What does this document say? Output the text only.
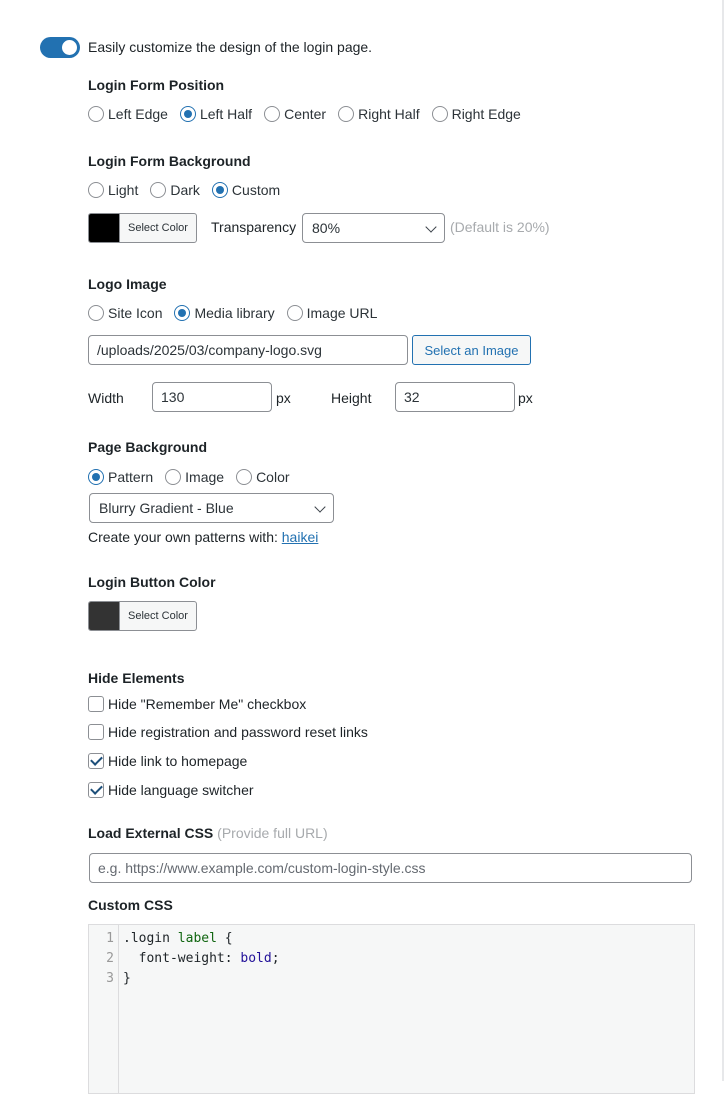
Easily customize the design of the login page.
Login Form Position
Left Edge Left Half Center Right Half Right Edge
Login Form Background
Light Dark Custom
Select Color	Transparency 80%	(Default is 20%)
Logo Image
Site Icon Media library Image URL
/uploads/2025/03/company-logo.svg	Select an Image
Width	130	px	Height 32	px
Page Background
Pattern Image Color
Blurry Gradient - Blue
Create your own patterns with:
haikei
Login Button Color
Select Color
Hide Elements
Hide "Remember Me" checkbox
Hide registration and password reset links
Hide link to homepage
Hide language switcher
Load External CSS
(Provide full URL)
e.g. https://www.example.com/custom-login-style.css
Custom CSS
1
2
3
.login label {
font-weight: bold;
}
